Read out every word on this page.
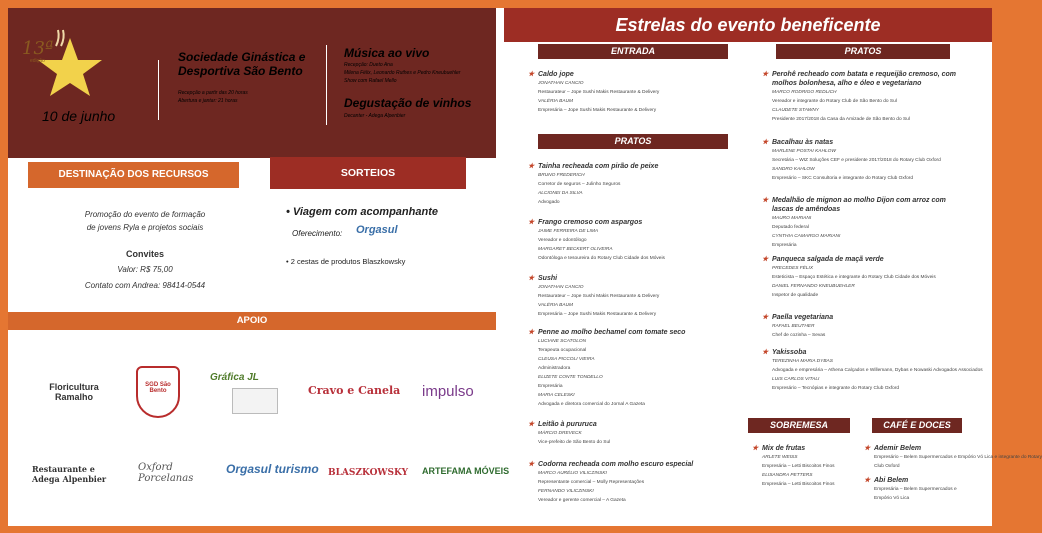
13ª
edição
10 de junho
Sociedade Ginástica e Desportiva São Bento
Recepção a partir das 20 horas
Abertura e jantar: 21 horas
Música ao vivo
Recepção: Dueto Ana
Milena Félix, Leonardo Ruthes e Pedro Kneubuehler
Show com Rafael Mello
Degustação de vinhos
Decanter - Adega Alpenbier
DESTINAÇÃO DOS RECURSOS	SORTEIOS
Promoção do evento de formação
de jovens Ryla e projetos sociais
Convites
Valor: R$ 75,00
Contato com Andrea: 98414-0544
• Viagem com acompanhante
Oferecimento: Orgasul
• 2 cestas de produtos Blaszkowsky
APOIO
Floricultura Ramalho
SGD São Bento
Gráfica JL
Cravo e Canela impulso
Restaurante e Adega Alpenbier
Oxford Porcelanas
Orgasul turismo BLASZKOWSKY ARTEFAMA MÓVEIS
Estrelas do evento beneficente
ENTRADA	PRATOS
PRATOS
SOBREMESA	CAFÉ E DOCES
★ Caldo jope
JONATHAN CANCIO
Restaurateur – Jope Sushi Makis Restaurante & Delivery
VALÉRIA BAUM
Empresária – Jope Sushi Makis Restaurante & Delivery
★ Tainha recheada com pirão de peixe
BRUNO FREDERICH
Corretor de seguros – Julinho Seguros
ALCIONEI DA SILVA
Advogado
★ Frango cremoso com aspargos
JAIME FERREIRA DE LIMA
Vereador e odontólogo
MARGARET BECKERT OLIVEIRA
Odontóloga e tesoureira do Rotary Club Cidade dos Móveis
★ Sushi
JONATHAN CANCIO
Restaurateur – Jope Sushi Makis Restaurante & Delivery
VALÉRIA BAUM
Empresária – Jope Sushi Makis Restaurante & Delivery
★ Penne ao molho bechamel com tomate seco
LUCIANE SCATOLON
Terapeuta ocupacional
CLEUSA PICCOLI VIEIRA
Administradora
ELIZETE CONTE TONDELLO
Empresária
MARIA CELESKI
Advogada e diretora comercial do Jornal A Gazeta
★ Leitão à pururuca
MÁRCIO DREVECK
Vice-prefeito de São Bento do Sul
★ Codorna recheada com molho escuro especial
MARCO AURÉLIO VILICZINSKI
Representante comercial – Molly Representações
FERNANDO VILICZINSKI
Vereador e gerente comercial – A Gazeta
★ Perohê recheado com batata e requeijão cremoso, com molhos bolonhesa, alho e óleo e vegetariano
MARCO RODRIGO REDLICH
Vereador e integrante do Rotary Club de São Bento do Sul
CLAUDETE STAWNY
Presidente 2017/2018 da Casa da Amizade de São Bento do Sul
★ Bacalhau às natas
MARLENE POSTAI KAHLOW
Secretária – WIZ Soluções CEF e presidente 2017/2018 do Rotary Club Oxford
SANDRO KAHLOW
Empresário – SKC Consultoria e integrante do Rotary Club Oxford
★ Medalhão de mignon ao molho Dijon com arroz com lascas de amêndoas
MAURO MARIANI
Deputado federal
CYNTHIA CAMARGO MARIANI
Empresária
★ Panqueca salgada de maçã verde
PRECEDES FÉLIX
Esteticista – Espaço Estética e integrante do Rotary Club Cidade dos Móveis
DANIEL FERNANDO KNEUBUEHLER
Inspetor de qualidade
★ Paella vegetariana
RAFAEL BEUTHER
Chef de cozinha – Sevas
★ Yakissoba
TEREZINHA MARIA DYBAS
Advogada e empresária – Athena Calçados e Willemann, Dybas e Nowaski Advogados Associados
LUIS CARLOS VITALI
Empresário – Tecnópias e integrante do Rotary Club Oxford
★ Mix de frutas
ARLETE WEISS
Empresária – Letti Biscoitos Finos
ELISANDRA PETTERS
Empresária – Letti Biscoitos Finos
★ Ademir Belem
Empresário – Belem Supermercados e Empório Vó Lica e integrante do Rotary
Club Oxford
★ Abi Belem
Empresária – Belem Supermercados e
Empório Vó Lica
